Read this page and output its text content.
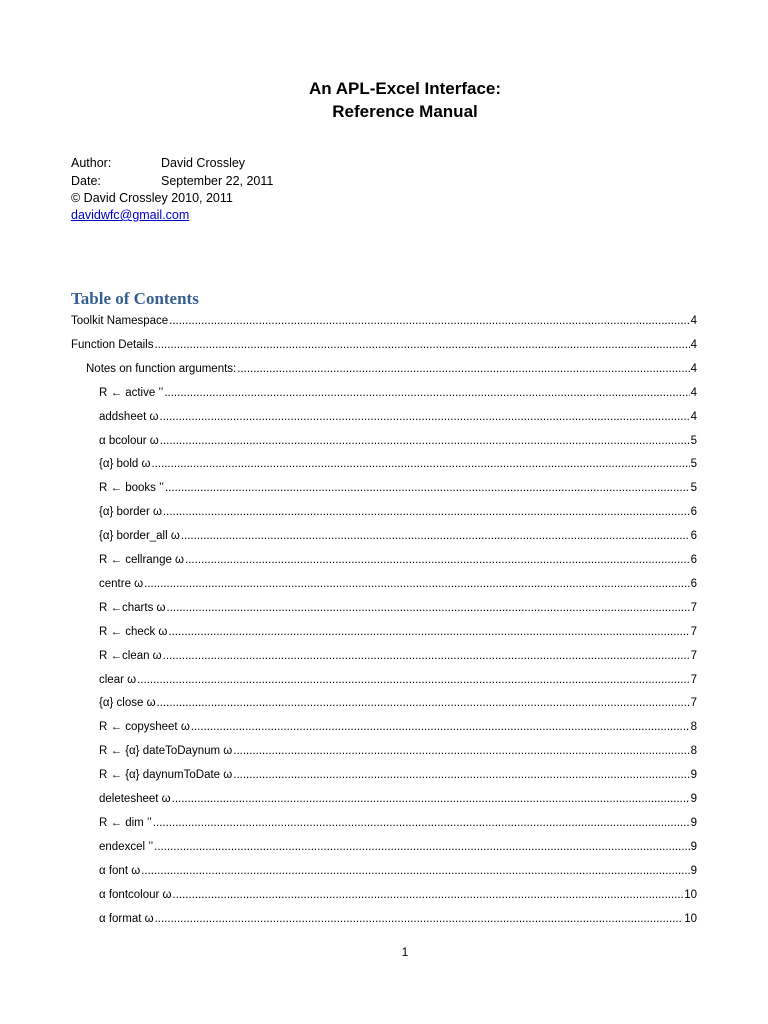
An APL-Excel Interface:
Reference Manual
Author:	David Crossley
Date:	September 22, 2011
© David Crossley 2010, 2011
davidwfc@gmail.com
Table of Contents
Toolkit Namespace .....	4
Function Details .....	4
Notes on function arguments: .....	4
R ← active ’’ .....	4
addsheet ω .....	4
α bcolour ω .....	5
{α} bold ω .....	5
R ← books ’’ .....	5
{α} border ω .....	6
{α} border_all ω .....	6
R ← cellrange ω .....	6
centre ω .....	6
R ←charts ω .....	7
R ← check ω .....	7
R ←clean ω .....	7
clear ω .....	7
{α} close ω .....	7
R ← copysheet ω .....	8
R ← {α} dateToDaynum ω .....	8
R ← {α} daynumToDate ω .....	9
deletesheet ω .....	9
R ← dim ’’ .....	9
endexcel ’’ .....	9
α font ω .....	9
α fontcolour ω .....	10
α format ω .....	10
1
